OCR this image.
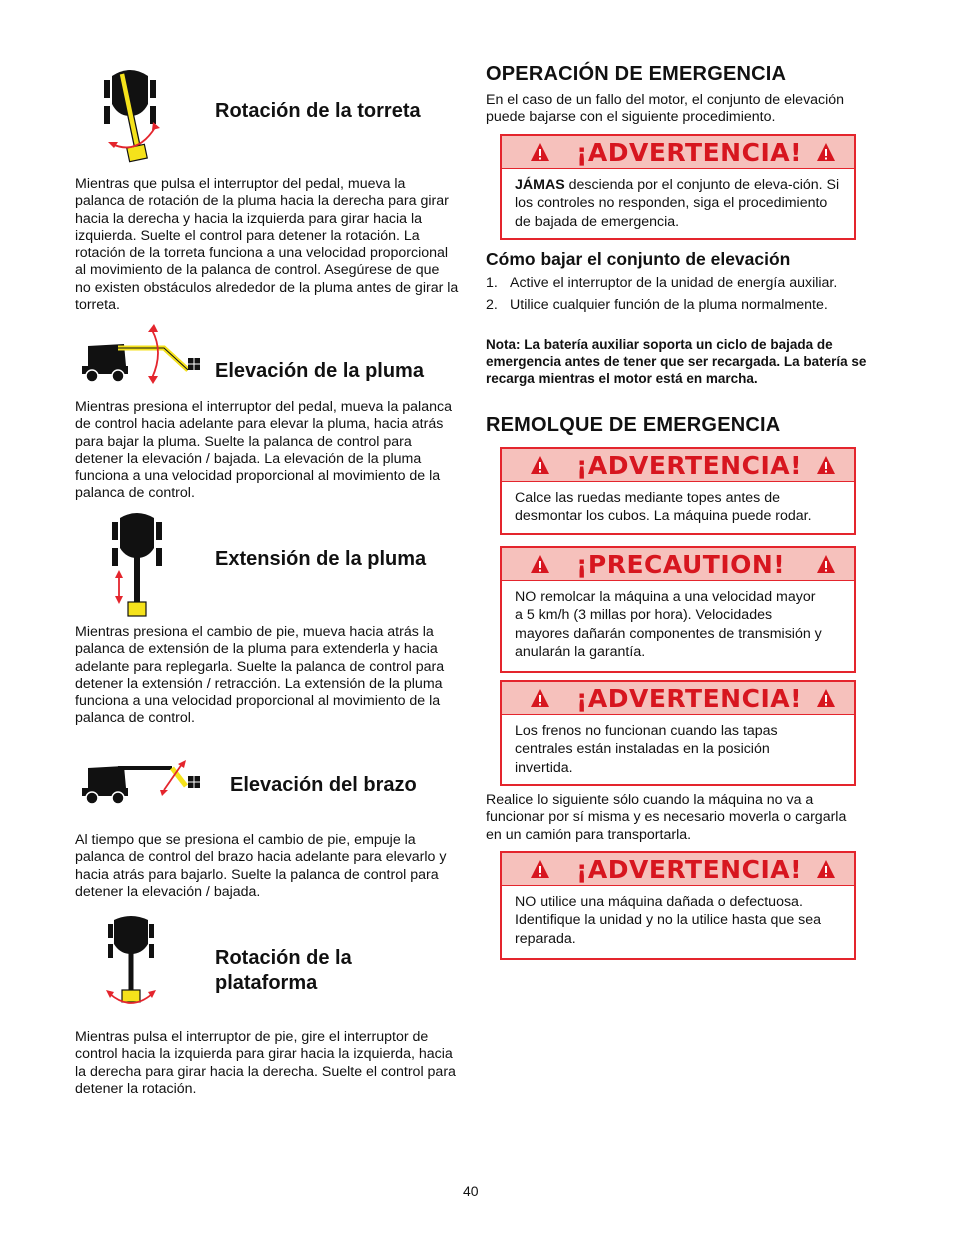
Rotación de la torreta
Mientras que pulsa el interruptor del pedal, mueva la palanca de rotación de la pluma hacia la derecha para girar hacia la derecha y hacia la izquierda para girar hacia la izquierda. Suelte el control para detener la rotación. La rotación de la torreta funciona a una velocidad proporcional al movimiento de la palanca de control. Asegúrese de que no existen obstáculos alrededor de la pluma antes de girar la torreta.
Elevación de la pluma
Mientras presiona el interruptor del pedal, mueva la palanca de control hacia adelante para elevar la pluma, hacia atrás para bajar la pluma. Suelte la palanca de control para detener la elevación / bajada. La elevación de la pluma funciona a una velocidad proporcional al movimiento de la palanca de control.
Extensión de la pluma
Mientras presiona el cambio de pie, mueva hacia atrás la palanca de extensión de la pluma para extenderla y hacia adelante para replegarla. Suelte la palanca de control para detener la extensión / retracción. La extensión de la pluma funciona a una velocidad proporcional al movimiento de la palanca de control.
Elevación del brazo
Al tiempo que se presiona el cambio de pie, empuje la palanca de control del brazo hacia adelante para elevarlo y hacia atrás para bajarlo. Suelte la palanca de control para detener la elevación / bajada.
Rotación de la
plataforma
Mientras pulsa el interruptor de pie, gire el interruptor de control hacia la izquierda para girar hacia la izquierda, hacia la derecha para girar hacia la derecha. Suelte el control para detener la rotación.
OPERACIÓN DE EMERGENCIA
En el caso de un fallo del motor, el conjunto de elevación puede bajarse con el siguiente procedimiento.
¡ADVERTENCIA!
JÁMAS descienda por el conjunto de eleva-ción. Si los controles no responden, siga el procedimiento de bajada de emergencia.
Cómo bajar el conjunto de elevación
1. Active el interruptor de la unidad de energía auxiliar.
2. Utilice cualquier función de la pluma normalmente.
Nota: La batería auxiliar soporta un ciclo de bajada de emergencia antes de tener que ser recargada. La batería se recarga mientras el motor está en marcha.
REMOLQUE DE EMERGENCIA
¡ADVERTENCIA!
Calce las ruedas mediante topes antes de desmontar los cubos. La máquina puede rodar.
¡PRECAUTION!
NO remolcar la máquina a una velocidad mayor a 5 km/h (3 millas por hora). Velocidades mayores dañarán componentes de transmisión y anularán la garantía.
¡ADVERTENCIA!
Los frenos no funcionan cuando las tapas centrales están instaladas en la posición invertida.
Realice lo siguiente sólo cuando la máquina no va a funcionar por sí misma y es necesario moverla o cargarla en un camión para transportarla.
¡ADVERTENCIA!
NO utilice una máquina dañada o defectuosa. Identifique la unidad y no la utilice hasta que sea reparada.
40
